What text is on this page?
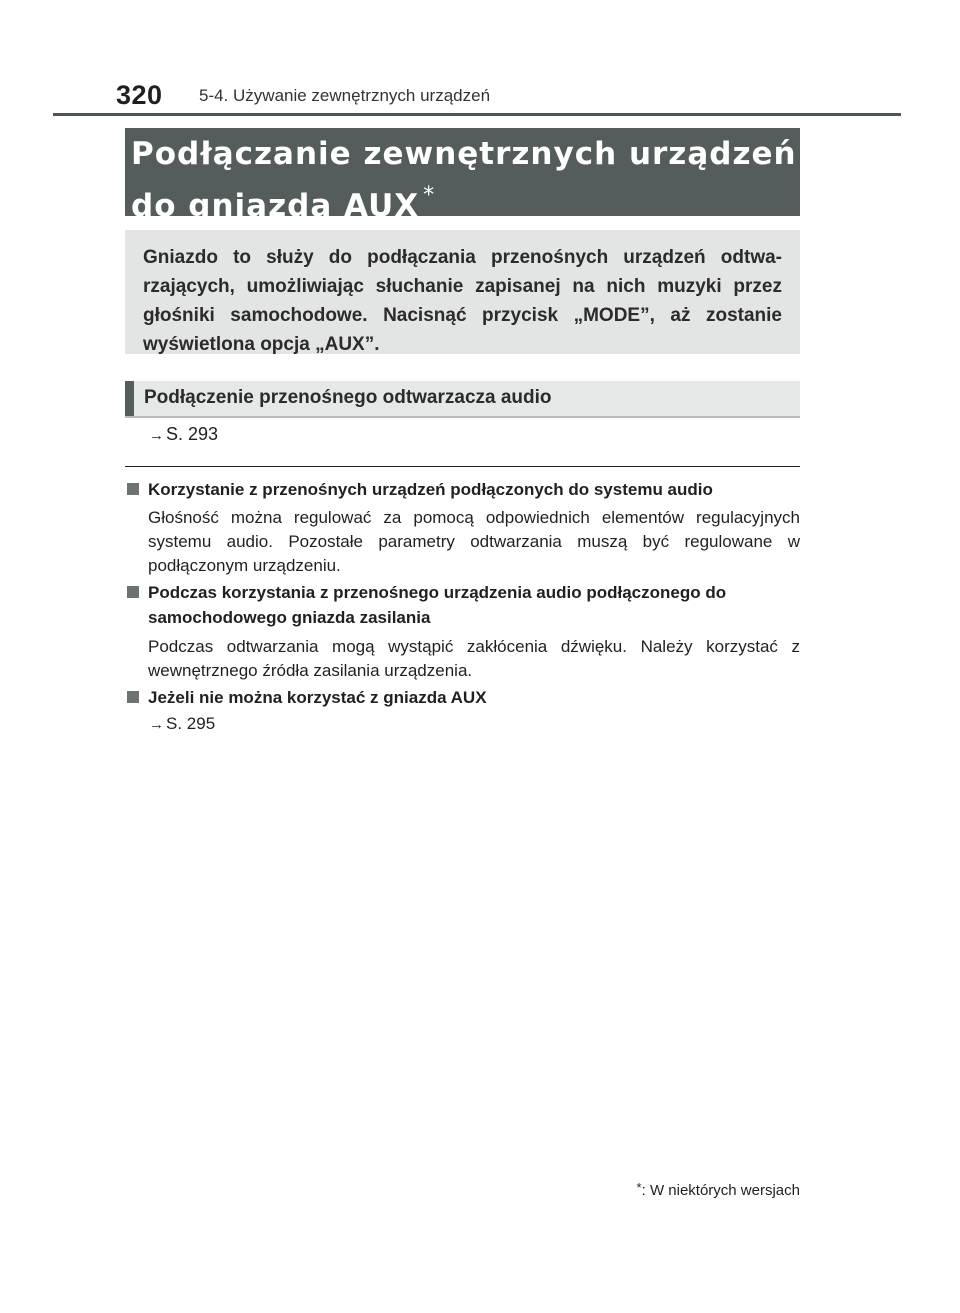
320 5-4. Używanie zewnętrznych urządzeń
Podłączanie zewnętrznych urządzeń
do gniazda AUX *
Gniazdo to służy do podłączania przenośnych urządzeń odtwa-rzających, umożliwiając słuchanie zapisanej na nich muzyki przez głośniki samochodowe. Nacisnąć przycisk „MODE”, aż zostanie wyświetlona opcja „AUX”.
Podłączenie przenośnego odtwarzacza audio
→ S. 293
Korzystanie z przenośnych urządzeń podłączonych do systemu audio
Głośność można regulować za pomocą odpowiednich elementów regulacyjnych systemu audio. Pozostałe parametry odtwarzania muszą być regulowane w podłączonym urządzeniu.
Podczas korzystania z przenośnego urządzenia audio podłączonego do samochodowego gniazda zasilania
Podczas odtwarzania mogą wystąpić zakłócenia dźwięku. Należy korzystać z wewnętrznego źródła zasilania urządzenia.
Jeżeli nie można korzystać z gniazda AUX
→ S. 295
*: W niektórych wersjach
